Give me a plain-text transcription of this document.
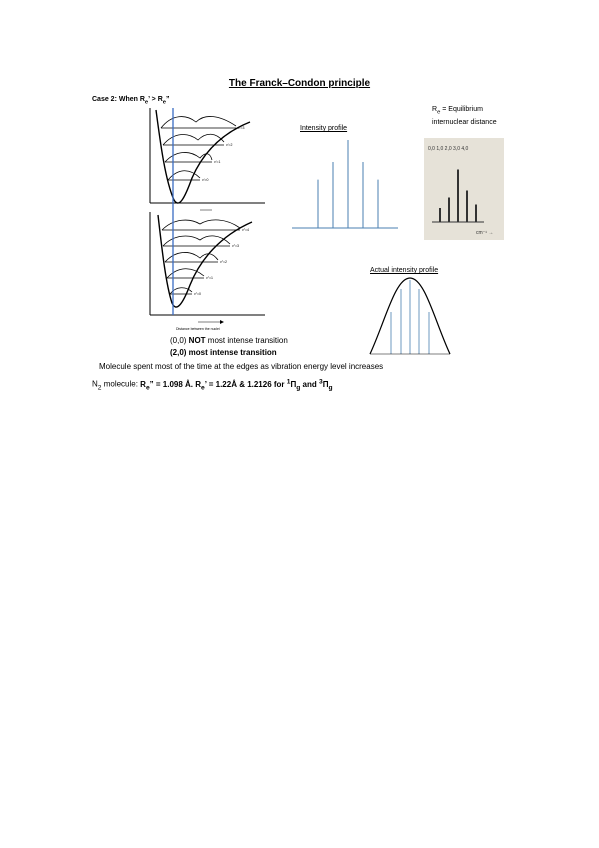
The Franck–Condon principle
Case 2: When $R_e$’ > $R_e$”
$R_e$ = Equilibrium
internuclear distance
Intensity profile
Actual intensity profile
v′=3
v′=2
v′=1
v′=0
v″=4
v″=3
v″=2
v″=1
v″=0
Distance between the nuclei
0,0 1,0 2,0 3,0 4,0
cm⁻¹ →
(0,0) NOT most intense transition
(2,0) most intense transition
Molecule spent most of the time at the edges as vibration energy level increases
$N_2$ molecule: $R_e$” = 1.098 Å. $R_e$’ = 1.22Å & 1.2126 for $^1\Pi_g$ and $^3\Pi_g$
